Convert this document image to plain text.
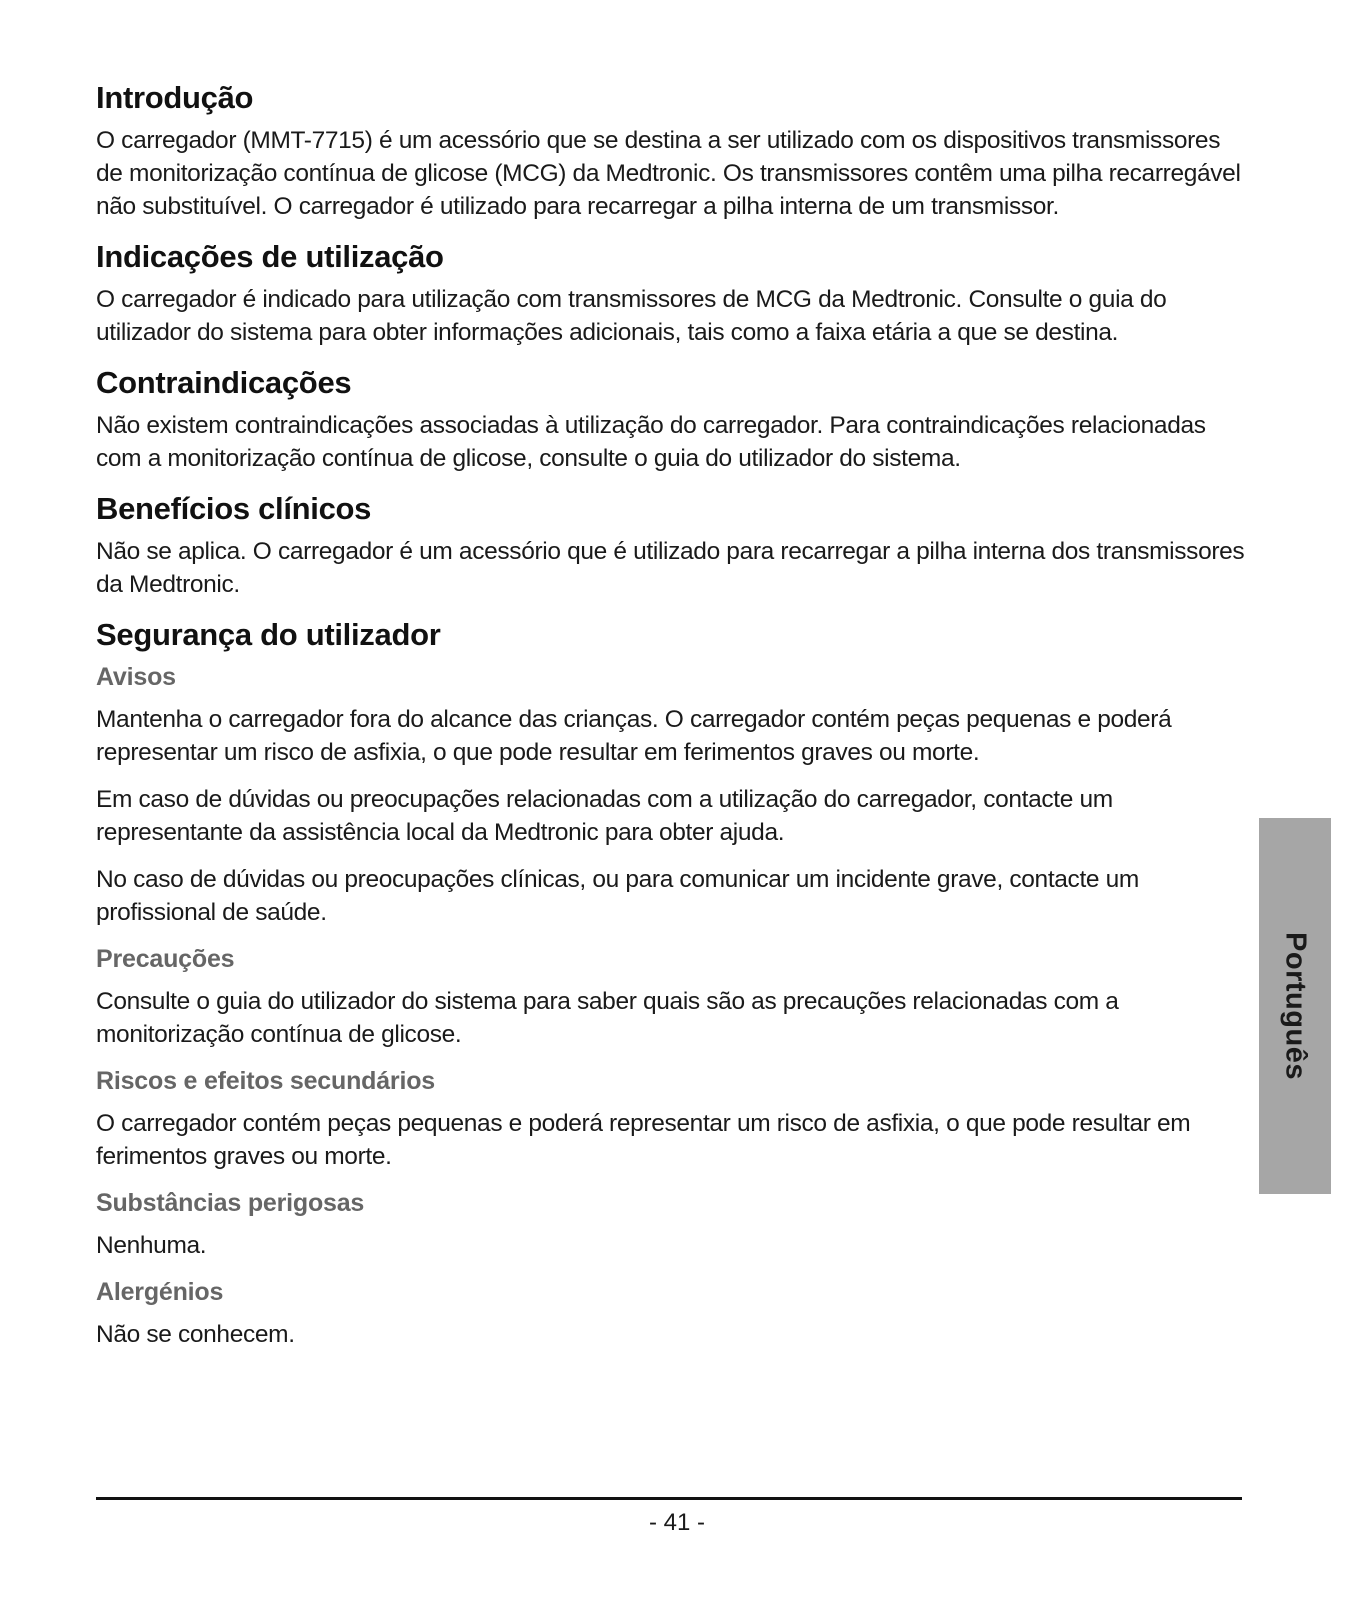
Introdução
O carregador (MMT-7715) é um acessório que se destina a ser utilizado com os dispositivos transmissores de monitorização contínua de glicose (MCG) da Medtronic. Os transmissores contêm uma pilha recarregável não substituível. O carregador é utilizado para recarregar a pilha interna de um transmissor.
Indicações de utilização
O carregador é indicado para utilização com transmissores de MCG da Medtronic. Consulte o guia do utilizador do sistema para obter informações adicionais, tais como a faixa etária a que se destina.
Contraindicações
Não existem contraindicações associadas à utilização do carregador. Para contraindicações relacionadas com a monitorização contínua de glicose, consulte o guia do utilizador do sistema.
Benefícios clínicos
Não se aplica. O carregador é um acessório que é utilizado para recarregar a pilha interna dos transmissores da Medtronic.
Segurança do utilizador
Avisos
Mantenha o carregador fora do alcance das crianças. O carregador contém peças pequenas e poderá representar um risco de asfixia, o que pode resultar em ferimentos graves ou morte.
Em caso de dúvidas ou preocupações relacionadas com a utilização do carregador, contacte um representante da assistência local da Medtronic para obter ajuda.
No caso de dúvidas ou preocupações clínicas, ou para comunicar um incidente grave, contacte um profissional de saúde.
Precauções
Consulte o guia do utilizador do sistema para saber quais são as precauções relacionadas com a monitorização contínua de glicose.
Riscos e efeitos secundários
O carregador contém peças pequenas e poderá representar um risco de asfixia, o que pode resultar em ferimentos graves ou morte.
Substâncias perigosas
Nenhuma.
Alergénios
Não se conhecem.
Português
- 41 -
